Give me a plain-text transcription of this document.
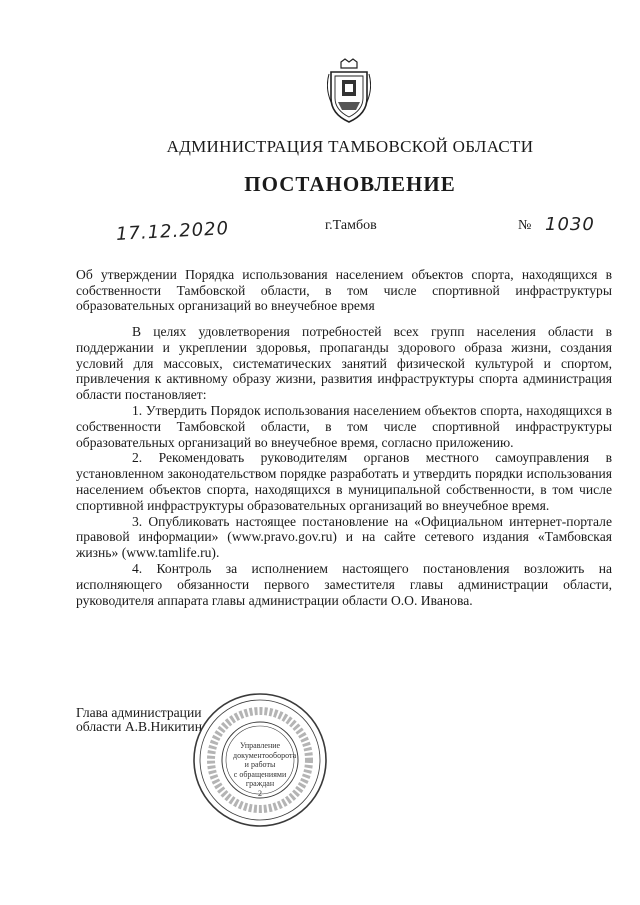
АДМИНИСТРАЦИЯ ТАМБОВСКОЙ ОБЛАСТИ
ПОСТАНОВЛЕНИЕ
17.12.2020	г.Тамбов	№ 1030
Об утверждении Порядка использования населением объектов спорта, находящихся в собственности Тамбовской области, в том числе спортивной инфраструктуры образовательных организаций во внеучебное время

В целях удовлетворения потребностей всех групп населения области в поддержании и укреплении здоровья, пропаганды здорового образа жизни, создания условий для массовых, систематических занятий физической культурой и спортом, привлечения к активному образу жизни, развития инфраструктуры спорта администрация области постановляет:

1. Утвердить Порядок использования населением объектов спорта, находящихся в собственности Тамбовской области, в том числе спортивной инфраструктуры образовательных организаций во внеучебное время, согласно приложению.

2. Рекомендовать руководителям органов местного самоуправления в установленном законодательством порядке разработать и утвердить порядки использования населением объектов спорта, находящихся в муниципальной собственности, в том числе спортивной инфраструктуры образовательных организаций во внеучебное время.

3. Опубликовать настоящее постановление на «Официальном интернет-портале правовой информации» (www.pravo.gov.ru) и на сайте сетевого издания «Тамбовская жизнь» (www.tamlife.ru).

4. Контроль за исполнением настоящего постановления возложить на исполняющего обязанности первого заместителя главы администрации области, руководителя аппарата главы администрации области О.О. Иванова.

Глава администрации
области А.В.Никитин
Управление
документооборота
и работы
с обращениями
граждан
2
